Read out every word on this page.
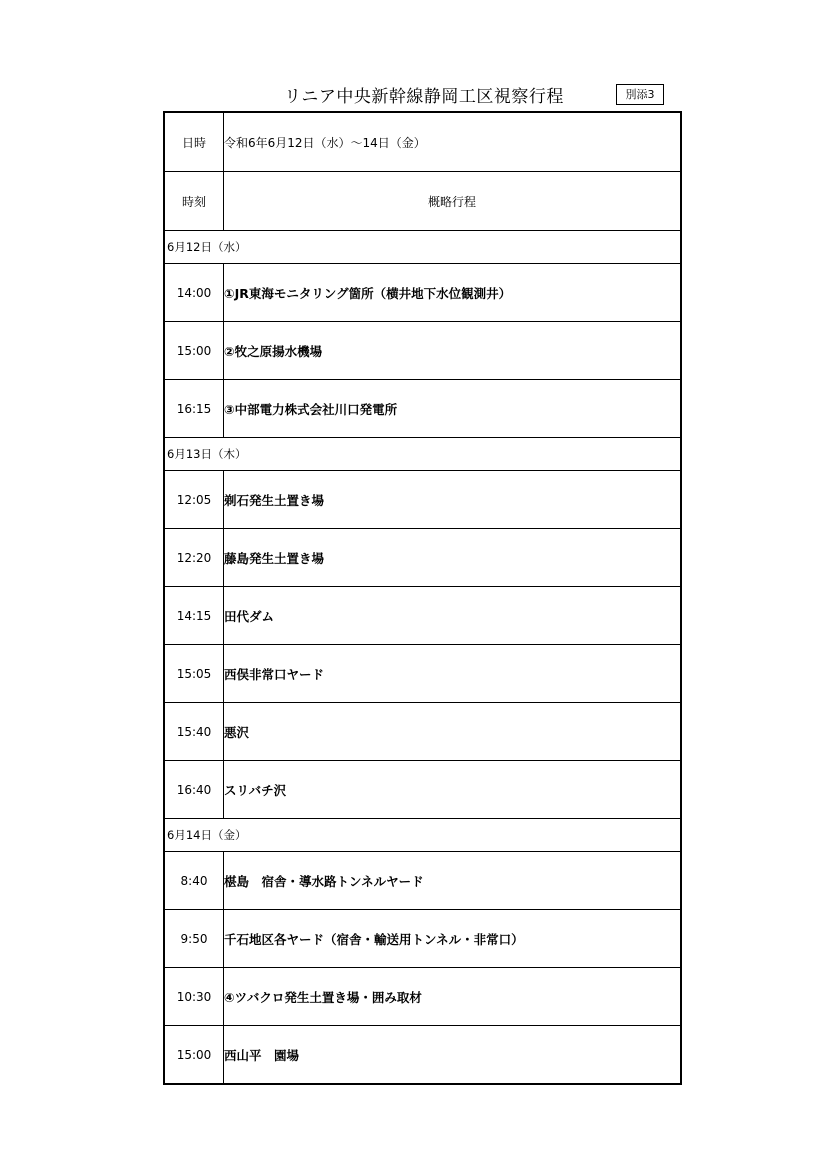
リニア中央新幹線静岡工区視察行程	別添3
日時	令和6年6月12日（水）～14日（金）
時刻	概略行程
6月12日（水）	
14:00	①JR東海モニタリング箇所（横井地下水位観測井）
15:00	②牧之原揚水機場
16:15	③中部電力株式会社川口発電所
6月13日（木）	
12:05	剃石発生土置き場
12:20	藤島発生土置き場
14:15	田代ダム
15:05	西俣非常口ヤード
15:40	悪沢
16:40	スリバチ沢
6月14日（金）	
8:40	椹島　宿舎・導水路トンネルヤード
9:50	千石地区各ヤード（宿舎・輸送用トンネル・非常口）
10:30	④ツバクロ発生土置き場・囲み取材
15:00	西山平　園場
